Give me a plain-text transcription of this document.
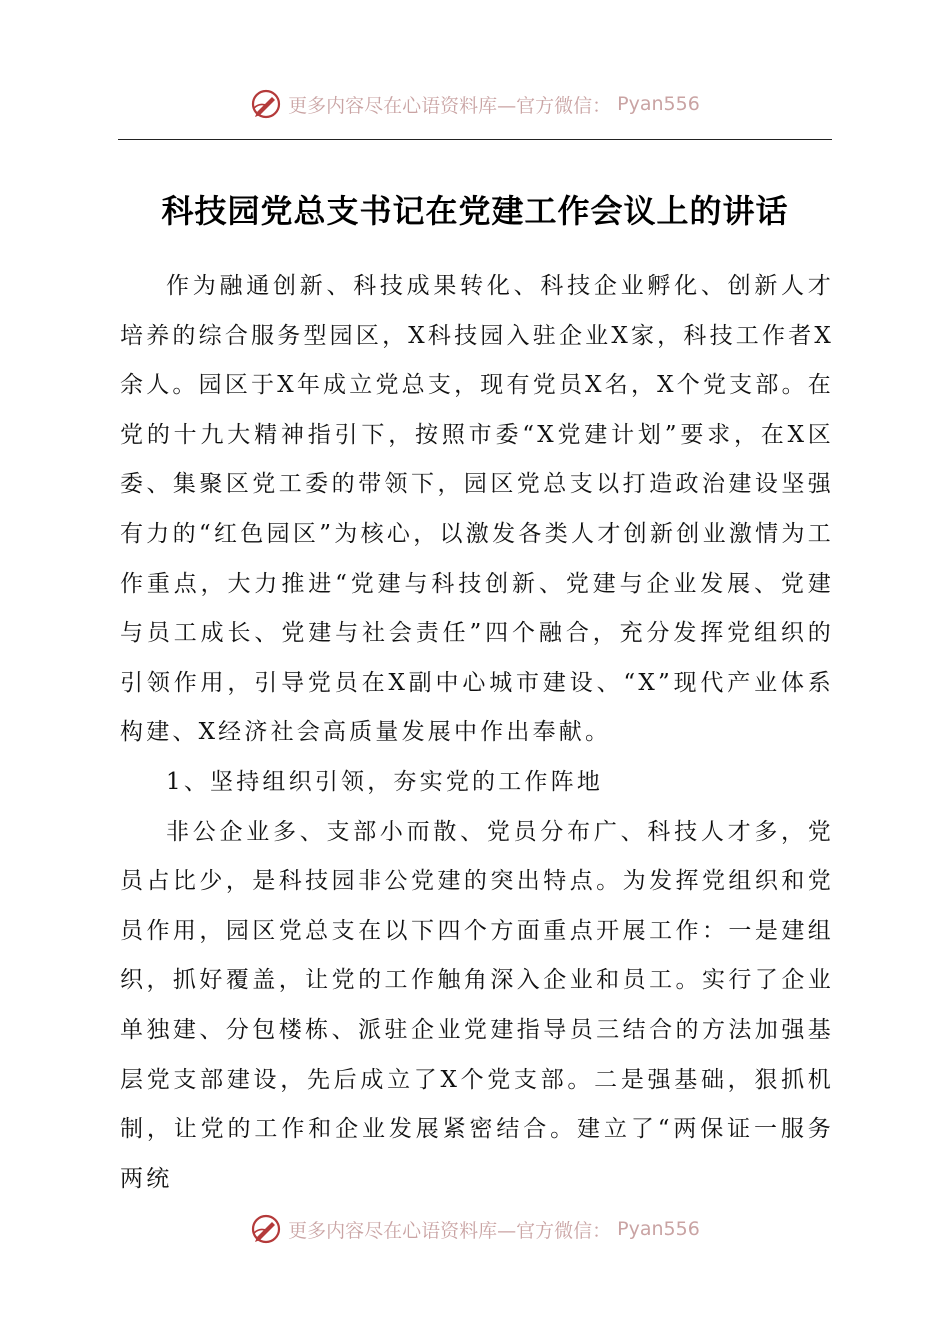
更多内容尽在心语资料库—官方微信： Pyan556
科技园党总支书记在党建工作会议上的讲话

作为融通创新、科技成果转化、科技企业孵化、创新人才培养的综合服务型园区，X科技园入驻企业X家，科技工作者X余人。园区于X年成立党总支，现有党员X名，X个党支部。在党的十九大精神指引下，按照市委“X党建计划”要求，在X区委、集聚区党工委的带领下，园区党总支以打造政治建设坚强有力的“红色园区”为核心，以激发各类人才创新创业激情为工作重点，大力推进“党建与科技创新、党建与企业发展、党建与员工成长、党建与社会责任”四个融合，充分发挥党组织的引领作用，引导党员在X副中心城市建设、“X”现代产业体系构建、X经济社会高质量发展中作出奉献。

1、坚持组织引领，夯实党的工作阵地

非公企业多、支部小而散、党员分布广、科技人才多，党员占比少，是科技园非公党建的突出特点。为发挥党组织和党员作用，园区党总支在以下四个方面重点开展工作：一是建组织，抓好覆盖，让党的工作触角深入企业和员工。实行了企业单独建、分包楼栋、派驻企业党建指导员三结合的方法加强基层党支部建设，先后成立了X个党支部。二是强基础，狠抓机制，让党的工作和企业发展紧密结合。建立了“两保证一服务两统

更多内容尽在心语资料库—官方微信： Pyan556
